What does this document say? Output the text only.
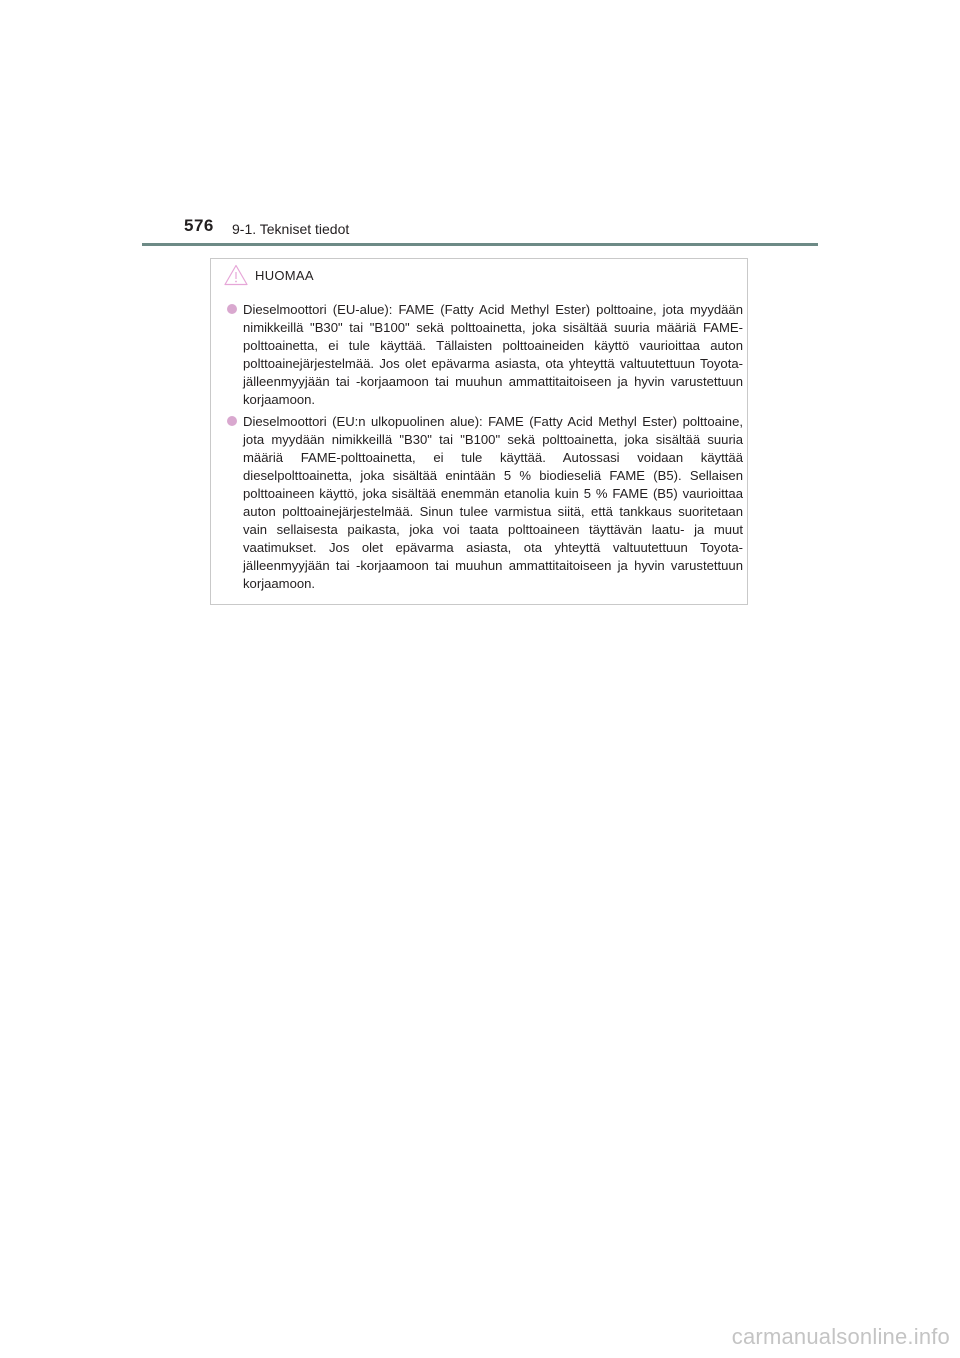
576 9-1. Tekniset tiedot
HUOMAA
Dieselmoottori (EU-alue): FAME (Fatty Acid Methyl Ester) polttoaine, jota myydään nimikkeillä "B30" tai "B100" sekä polttoainetta, joka sisältää suuria määriä FAME-polttoainetta, ei tule käyttää. Tällaisten polttoaineiden käyttö vaurioittaa auton polttoainejärjestelmää. Jos olet epävarma asiasta, ota yhteyttä valtuutettuun Toyota-jälleenmyyjään tai -korjaamoon tai muuhun ammattitaitoiseen ja hyvin varustettuun korjaamoon.
Dieselmoottori (EU:n ulkopuolinen alue): FAME (Fatty Acid Methyl Ester) polttoaine, jota myydään nimikkeillä "B30" tai "B100" sekä polttoainetta, joka sisältää suuria määriä FAME-polttoainetta, ei tule käyttää. Autossasi voidaan käyttää dieselpolttoainetta, joka sisältää enintään 5 % biodieseliä FAME (B5). Sellaisen polttoaineen käyttö, joka sisältää enemmän etanolia kuin 5 % FAME (B5) vaurioittaa auton polttoainejärjestelmää. Sinun tulee varmistua siitä, että tankkaus suoritetaan vain sellaisesta paikasta, joka voi taata polttoaineen täyttävän laatu- ja muut vaatimukset. Jos olet epävarma asiasta, ota yhteyttä valtuutettuun Toyota-jälleenmyyjään tai -korjaamoon tai muuhun ammattitaitoiseen ja hyvin varustettuun korjaamoon.
carmanualsonline.info
